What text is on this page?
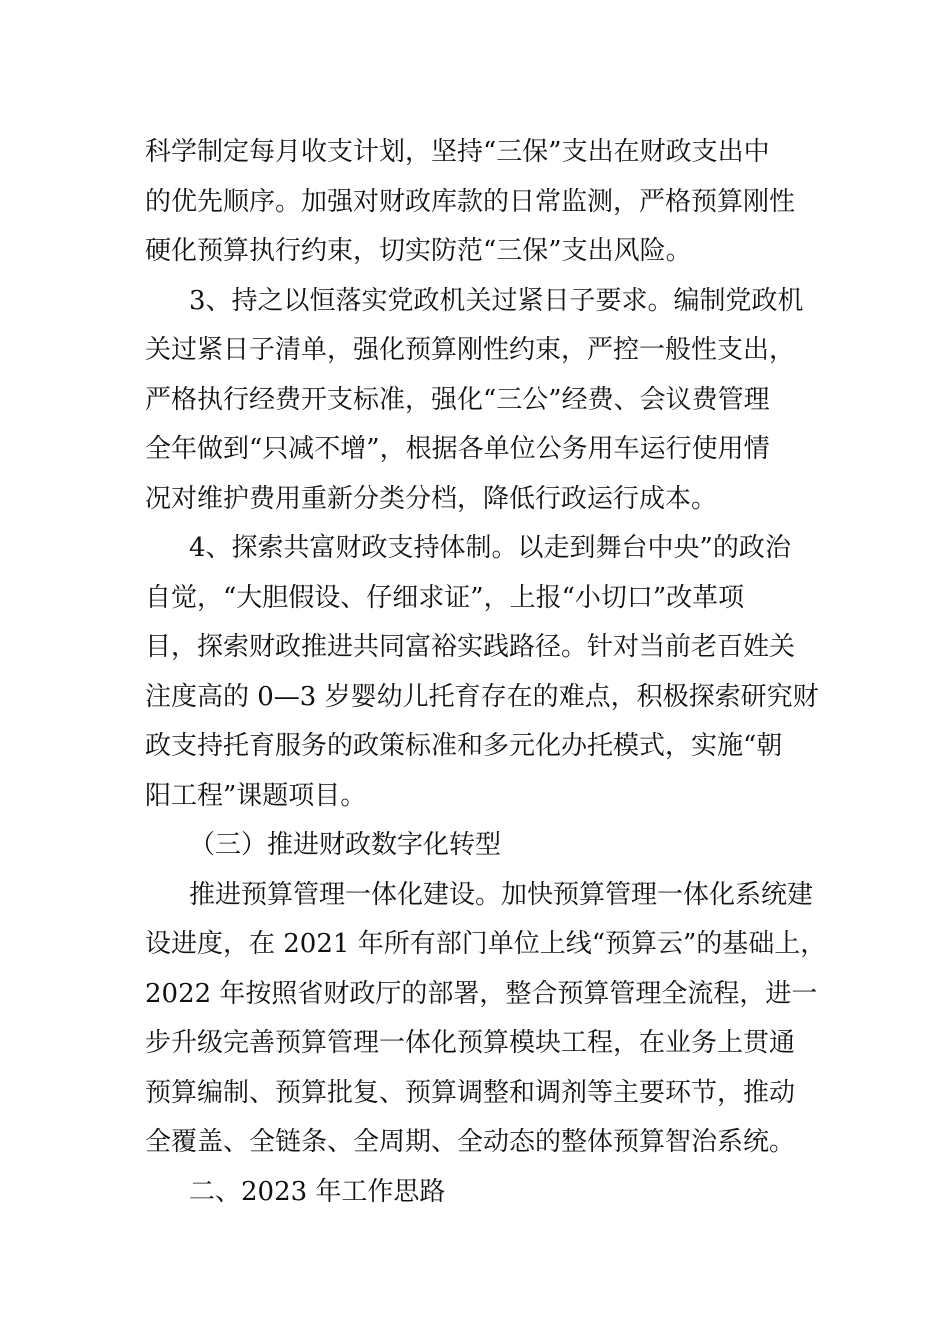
科学制定每月收支计划，坚持“三保”支出在财政支出中
的优先顺序。加强对财政库款的日常监测，严格预算刚性
硬化预算执行约束，切实防范“三保”支出风险。
3、持之以恒落实党政机关过紧日子要求。编制党政机
关过紧日子清单，强化预算刚性约束，严控一般性支出，
严格执行经费开支标准，强化“三公”经费、会议费管理
全年做到“只减不增”，根据各单位公务用车运行使用情
况对维护费用重新分类分档，降低行政运行成本。
4、探索共富财政支持体制。以走到舞台中央”的政治
自觉，“大胆假设、仔细求证”，上报“小切口”改革项
目，探索财政推进共同富裕实践路径。针对当前老百姓关
注度高的 0—3 岁婴幼儿托育存在的难点，积极探索研究财
政支持托育服务的政策标准和多元化办托模式，实施“朝
阳工程”课题项目。
（三）推进财政数字化转型
推进预算管理一体化建设。加快预算管理一体化系统建
设进度，在 2021 年所有部门单位上线“预算云”的基础上，
2022 年按照省财政厅的部署，整合预算管理全流程，进一
步升级完善预算管理一体化预算模块工程，在业务上贯通
预算编制、预算批复、预算调整和调剂等主要环节，推动
全覆盖、全链条、全周期、全动态的整体预算智治系统。
二、2023 年工作思路
